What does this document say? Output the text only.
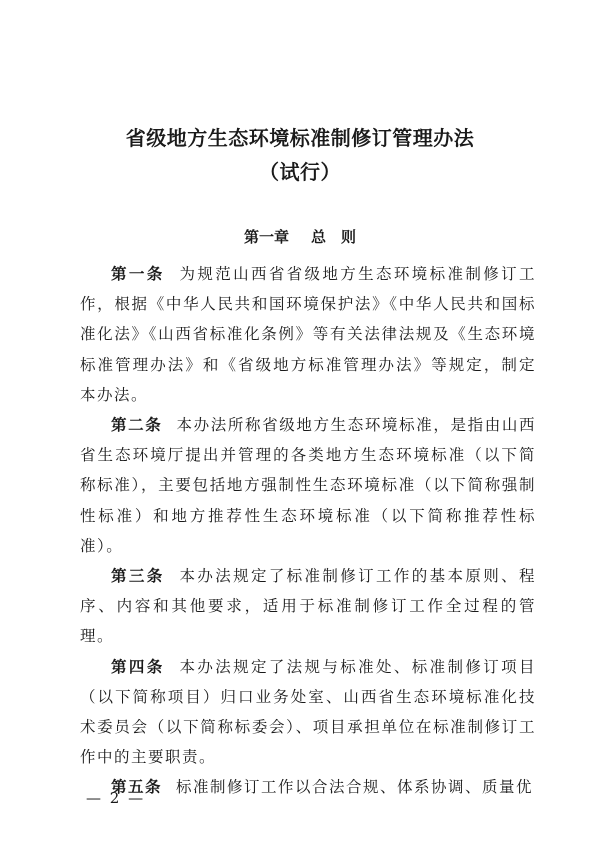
省级地方生态环境标准制修订管理办法
（试行）
第一章 总　则

第一条 为规范山西省省级地方生态环境标准制修订工作，根据《中华人民共和国环境保护法》《中华人民共和国标准化法》《山西省标准化条例》等有关法律法规及《生态环境标准管理办法》和《省级地方标准管理办法》等规定，制定本办法。

第二条 本办法所称省级地方生态环境标准，是指由山西省生态环境厅提出并管理的各类地方生态环境标准（以下简称标准），主要包括地方强制性生态环境标准（以下简称强制性标准）和地方推荐性生态环境标准（以下简称推荐性标准）。

第三条 本办法规定了标准制修订工作的基本原则、程序、内容和其他要求，适用于标准制修订工作全过程的管理。

第四条 本办法规定了法规与标准处、标准制修订项目（以下简称项目）归口业务处室、山西省生态环境标准化技术委员会（以下简称标委会）、项目承担单位在标准制修订工作中的主要职责。

第五条 标准制修订工作以合法合规、体系协调、质量优

— 2 —
